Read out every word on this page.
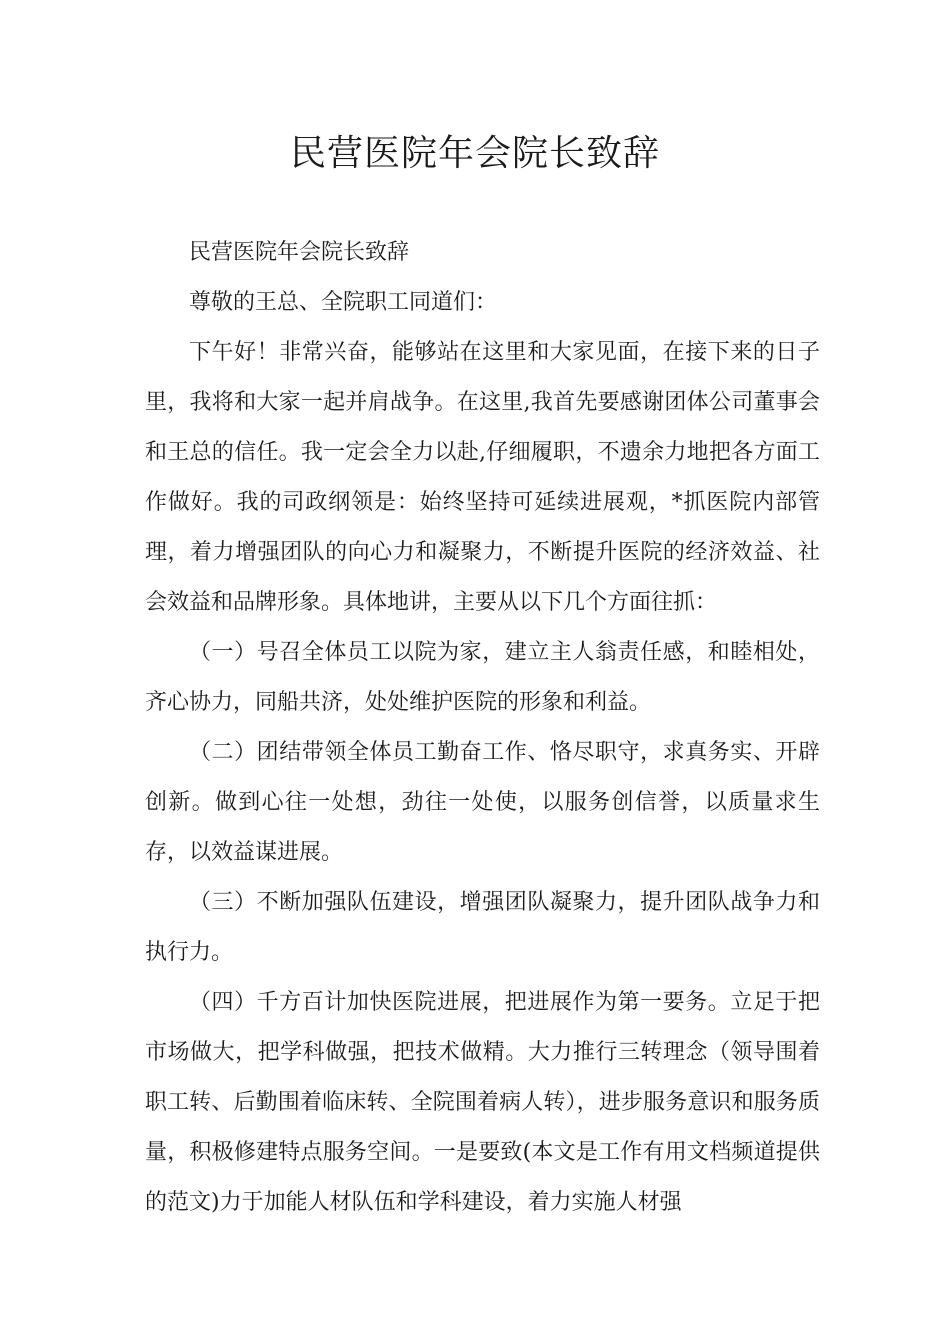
民营医院年会院长致辞

民营医院年会院长致辞

尊敬的王总、全院职工同道们：

下午好！非常兴奋，能够站在这里和大家见面，在接下来的日子里，我将和大家一起并肩战争。在这里,我首先要感谢团体公司董事会和王总的信任。我一定会全力以赴,仔细履职，不遗余力地把各方面工作做好。我的司政纲领是：始终坚持可延续进展观，*抓医院内部管理，着力增强团队的向心力和凝聚力，不断提升医院的经济效益、社会效益和品牌形象。具体地讲，主要从以下几个方面往抓：

（一）号召全体员工以院为家，建立主人翁责任感，和睦相处，齐心协力，同船共济，处处维护医院的形象和利益。

（二）团结带领全体员工勤奋工作、恪尽职守，求真务实、开辟创新。做到心往一处想，劲往一处使，以服务创信誉，以质量求生存，以效益谋进展。

（三）不断加强队伍建设，增强团队凝聚力，提升团队战争力和执行力。

（四）千方百计加快医院进展，把进展作为第一要务。立足于把市场做大，把学科做强，把技术做精。大力推行三转理念（领导围着职工转、后勤围着临床转、全院围着病人转），进步服务意识和服务质量，积极修建特点服务空间。一是要致(本文是工作有用文档频道提供的范文)力于加能人材队伍和学科建设，着力实施人材强
